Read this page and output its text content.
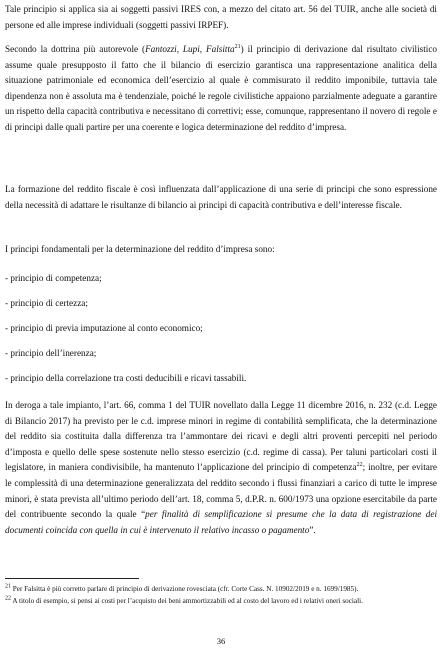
Tale principio si applica sia ai soggetti passivi IRES con, a mezzo del citato art. 56 del TUIR, anche alle società di persone ed alle imprese individuali (soggetti passivi IRPEF).

Secondo la dottrina più autorevole (Fantozzi, Lupi, Falsitta$^{21}$) il principio di derivazione dal risultato civilistico assume quale presupposto il fatto che il bilancio di esercizio garantisca una rappresentazione analitica della situazione patrimoniale ed economica dell’esercizio al quale è commisurato il reddito imponibile, tuttavia tale dipendenza non è assoluta ma è tendenziale, poiché le regole civilistiche appaiono parzialmente adeguate a garantire un rispetto della capacità contributiva e necessitano di correttivi; esse, comunque, rappresentano il novero di regole e di principi dalle quali partire per una coerente e logica determinazione del reddito d’impresa.

La formazione del reddito fiscale è così influenzata dall’applicazione di una serie di principi che sono espressione della necessità di adattare le risultanze di bilancio ai principi di capacità contributiva e dell’interesse fiscale.

I principi fondamentali per la determinazione del reddito d’impresa sono:

- principio di competenza;

- principio di certezza;

- principio di previa imputazione al conto economico;

- principio dell’inerenza;

- principio della correlazione tra costi deducibili e ricavi tassabili.

In deroga a tale impianto, l’art. 66, comma 1 del TUIR novellato dalla Legge 11 dicembre 2016, n. 232 (c.d. Legge di Bilancio 2017) ha previsto per le c.d. imprese minori in regime di contabilità semplificata, che la determinazione del reddito sia costituita dalla differenza tra l’ammontare dei ricavi e degli altri proventi percepiti nel periodo d’imposta e quello delle spese sostenute nello stesso esercizio (c.d. regime di cassa). Per taluni particolari costi il legislatore, in maniera condivisibile, ha mantenuto l’applicazione del principio di competenza$^{22}$; inoltre, per evitare le complessità di una determinazione generalizzata del reddito secondo i flussi finanziari a carico di tutte le imprese minori, è stata prevista all’ultimo periodo dell’art. 18, comma 5, d.P.R. n. 600/1973 una opzione esercitabile da parte del contribuente secondo la quale “per finalità di semplificazione si presume che la data di registrazione dei documenti coincida con quella in cui è intervenuto il relativo incasso o pagamento”.

$^{21}$ Per Falsitta è più corretto parlare di principio di derivazione rovesciata (cfr. Corte Cass. N. 10902/2019 e n. 1699/1985).

$^{22}$ A titolo di esempio, si pensi ai costi per l’acquisto dei beni ammortizzabili ed al costo del lavoro ed i relativi oneri sociali.

36
